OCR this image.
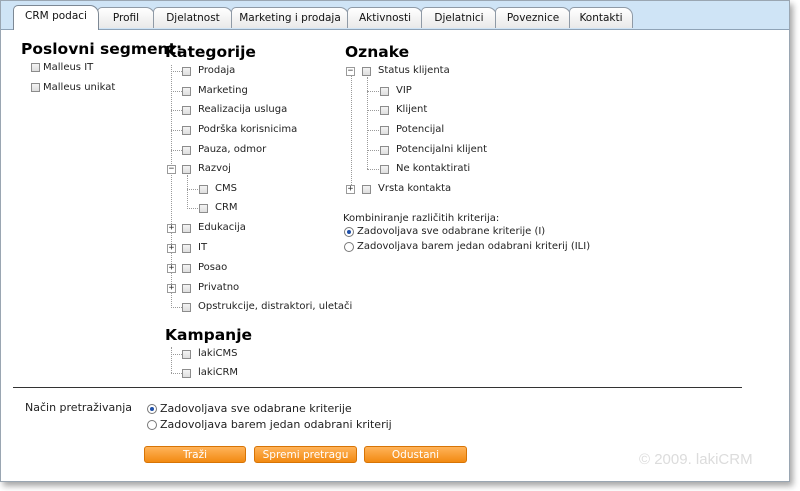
CRM podaci	Profil	Djelatnost	Marketing i prodaja	Aktivnosti	Djelatnici	Poveznice	Kontakti
Poslovni segment:
Malleus IT
Malleus unikat
Kategorije
Prodaja
Marketing
Realizacija usluga
Podrška korisnicima
Pauza, odmor
− Razvoj
CMS
CRM
+ Edukacija
+ IT
+ Posao
+ Privatno
Opstrukcije, distraktori, uletači
Kampanje
lakiCMS
lakiCRM
Oznake
− Status klijenta
VIP
Klijent
Potencijal
Potencijalni klijent
Ne kontaktirati
+ Vrsta kontakta
Kombiniranje različitih kriterija:
Zadovoljava sve odabrane kriterije (I)
Zadovoljava barem jedan odabrani kriterij (ILI)
Način pretraživanja	Zadovoljava sve odabrane kriterije
Zadovoljava barem jedan odabrani kriterij
Traži	Spremi pretragu	Odustani	© 2009. lakiCRM
